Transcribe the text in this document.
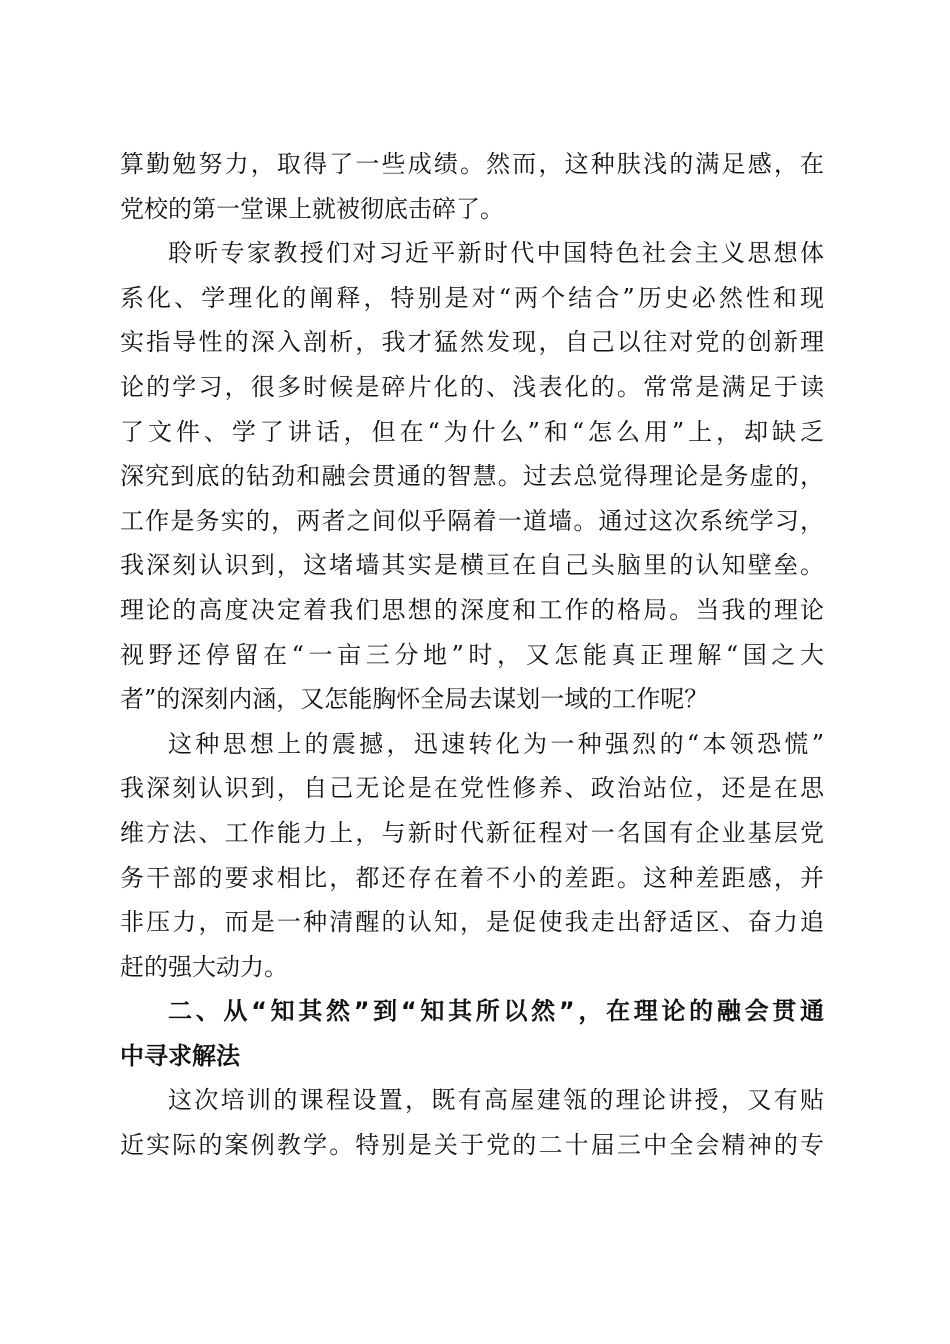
算勤勉努力，取得了一些成绩。然而，这种肤浅的满足感，在
党校的第一堂课上就被彻底击碎了。
聆听专家教授们对习近平新时代中国特色社会主义思想体
系化、学理化的阐释，特别是对“两个结合”历史必然性和现
实指导性的深入剖析，我才猛然发现，自己以往对党的创新理
论的学习，很多时候是碎片化的、浅表化的。常常是满足于读
了文件、学了讲话，但在“为什么”和“怎么用”上，却缺乏
深究到底的钻劲和融会贯通的智慧。过去总觉得理论是务虚的，
工作是务实的，两者之间似乎隔着一道墙。通过这次系统学习，
我深刻认识到，这堵墙其实是横亘在自己头脑里的认知壁垒。
理论的高度决定着我们思想的深度和工作的格局。当我的理论
视野还停留在“一亩三分地”时，又怎能真正理解“国之大
者”的深刻内涵，又怎能胸怀全局去谋划一域的工作呢？
这种思想上的震撼，迅速转化为一种强烈的“本领恐慌”
我深刻认识到，自己无论是在党性修养、政治站位，还是在思
维方法、工作能力上，与新时代新征程对一名国有企业基层党
务干部的要求相比，都还存在着不小的差距。这种差距感，并
非压力，而是一种清醒的认知，是促使我走出舒适区、奋力追
赶的强大动力。
二、从“知其然”到“知其所以然”，在理论的融会贯通
中寻求解法
这次培训的课程设置，既有高屋建瓴的理论讲授，又有贴
近实际的案例教学。特别是关于党的二十届三中全会精神的专
